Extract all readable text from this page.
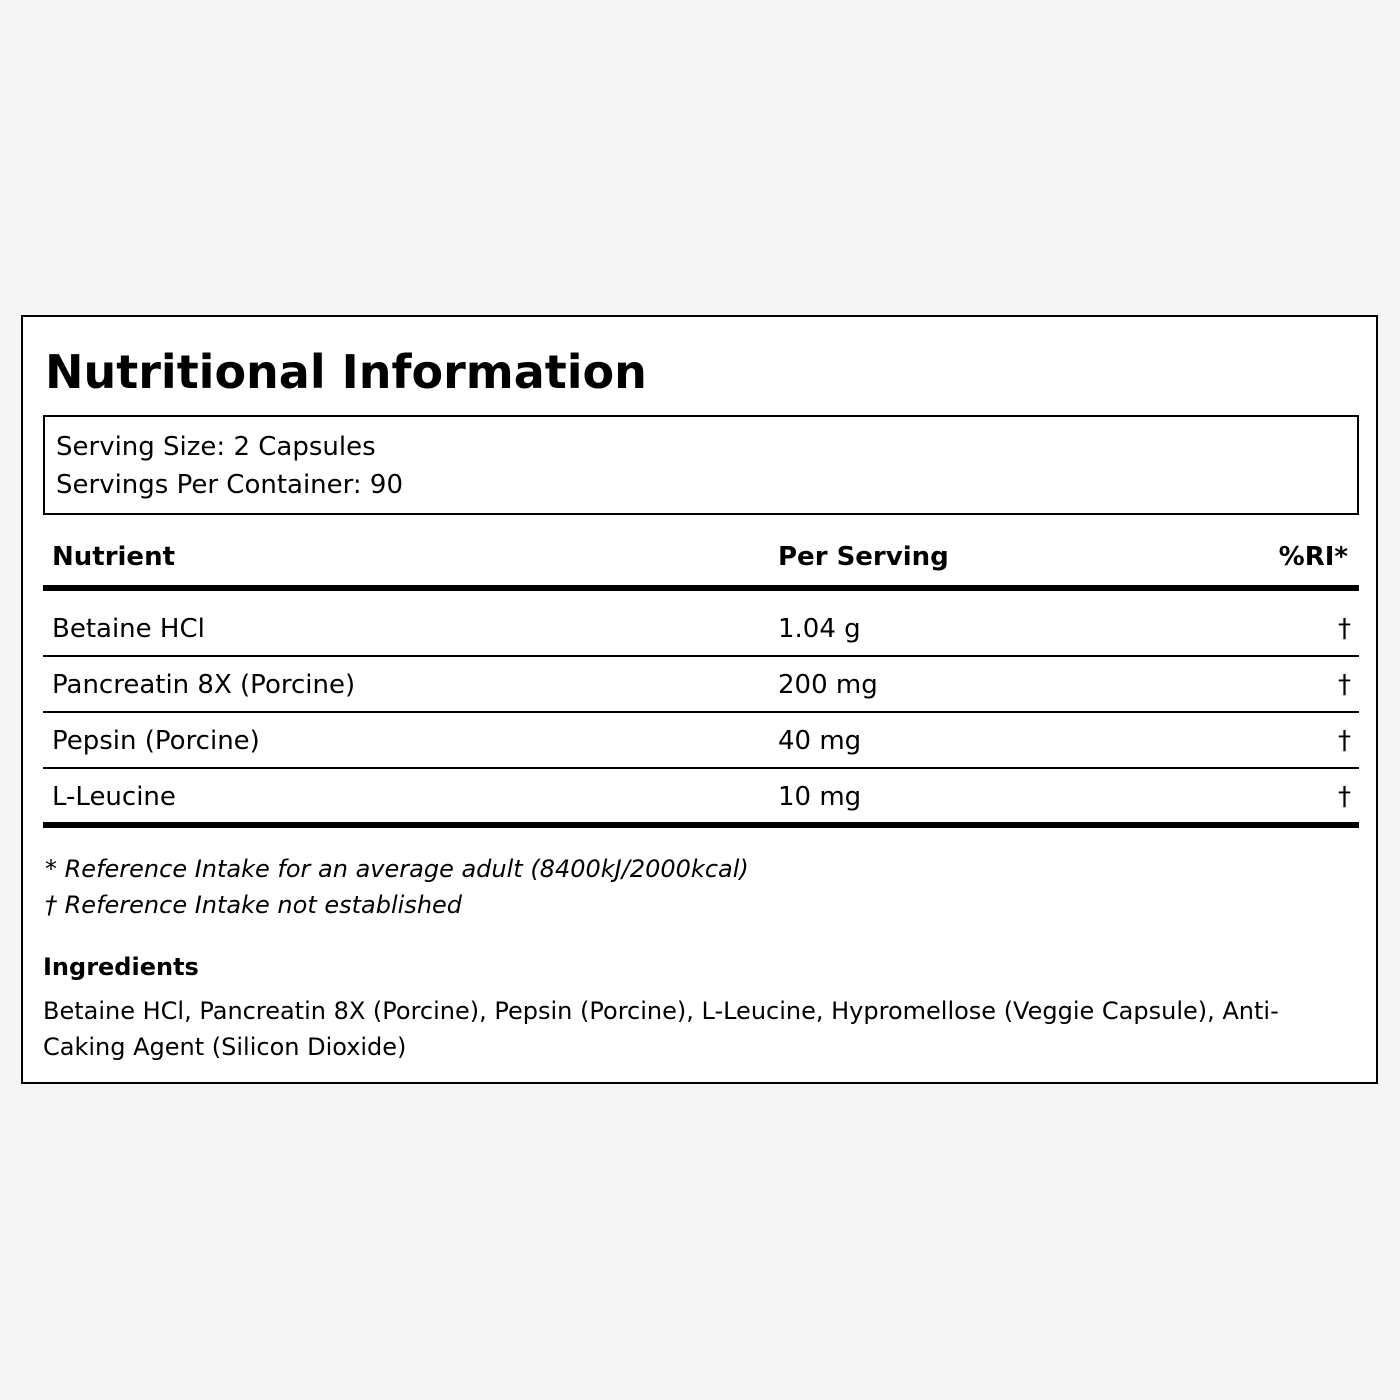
Nutritional Information
Serving Size: 2 Capsules
Servings Per Container: 90
Nutrient	Per Serving	%RI*
Betaine HCl	1.04 g	†
Pancreatin 8X (Porcine)	200 mg	†
Pepsin (Porcine)	40 mg	†
L-Leucine	10 mg	†
* Reference Intake for an average adult (8400kJ/2000kcal)
† Reference Intake not established
Ingredients
Betaine HCl, Pancreatin 8X (Porcine), Pepsin (Porcine), L-Leucine, Hypromellose (Veggie Capsule), Anti-Caking Agent (Silicon Dioxide)
